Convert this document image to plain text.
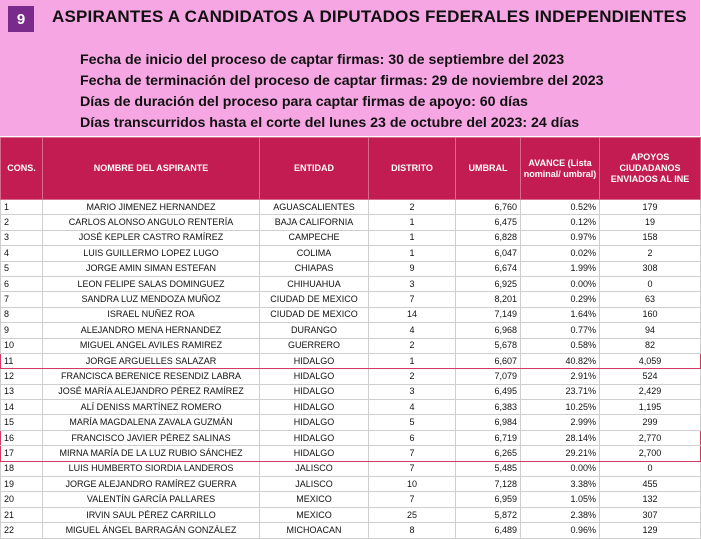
9	ASPIRANTES A CANDIDATOS A DIPUTADOS FEDERALES INDEPENDIENTES
Fecha de inicio del proceso de captar firmas: 30 de septiembre del 2023
Fecha de terminación del proceso de captar firmas: 29 de noviembre del 2023
Días de duración del proceso para captar firmas de apoyo: 60 días
Días transcurridos hasta el corte del lunes 23 de octubre del 2023: 24 días
CONS.	NOMBRE DEL ASPIRANTE	ENTIDAD	DISTRITO	UMBRAL	AVANCE (Lista nominal/ umbral)	APOYOS CIUDADANOS ENVIADOS AL INE
1	MARIO JIMENEZ HERNANDEZ	AGUASCALIENTES	2	6,760	0.52%	179
2	CARLOS ALONSO ANGULO RENTERÍA	BAJA CALIFORNIA	1	6,475	0.12%	19
3	JOSÉ KEPLER CASTRO RAMÍREZ	CAMPECHE	1	6,828	0.97%	158
4	LUIS GUILLERMO LOPEZ LUGO	COLIMA	1	6,047	0.02%	2
5	JORGE AMIN SIMAN ESTEFAN	CHIAPAS	9	6,674	1.99%	308
6	LEON FELIPE SALAS DOMINGUEZ	CHIHUAHUA	3	6,925	0.00%	0
7	SANDRA LUZ MENDOZA MUÑOZ	CIUDAD DE MEXICO	7	8,201	0.29%	63
8	ISRAEL NUÑEZ ROA	CIUDAD DE MEXICO	14	7,149	1.64%	160
9	ALEJANDRO MENA HERNANDEZ	DURANGO	4	6,968	0.77%	94
10	MIGUEL ANGEL AVILES RAMIREZ	GUERRERO	2	5,678	0.58%	82
11	JORGE ARGUELLES SALAZAR	HIDALGO	1	6,607	40.82%	4,059
12	FRANCISCA BERENICE RESENDIZ LABRA	HIDALGO	2	7,079	2.91%	524
13	JOSÉ MARÍA ALEJANDRO PÉREZ RAMÍREZ	HIDALGO	3	6,495	23.71%	2,429
14	ALÍ DENISS MARTÍNEZ ROMERO	HIDALGO	4	6,383	10.25%	1,195
15	MARÍA MAGDALENA ZAVALA GUZMÁN	HIDALGO	5	6,984	2.99%	299
16	FRANCISCO JAVIER PÉREZ SALINAS	HIDALGO	6	6,719	28.14%	2,770
17	MIRNA MARÍA DE LA LUZ RUBIO SÁNCHEZ	HIDALGO	7	6,265	29.21%	2,700
18	LUIS HUMBERTO SIORDIA LANDEROS	JALISCO	7	5,485	0.00%	0
19	JORGE ALEJANDRO RAMÍREZ GUERRA	JALISCO	10	7,128	3.38%	455
20	VALENTÍN GARCÍA PALLARES	MEXICO	7	6,959	1.05%	132
21	IRVIN SAUL PÉREZ CARRILLO	MEXICO	25	5,872	2.38%	307
22	MIGUEL ÁNGEL BARRAGÁN GONZÁLEZ	MICHOACAN	8	6,489	0.96%	129
